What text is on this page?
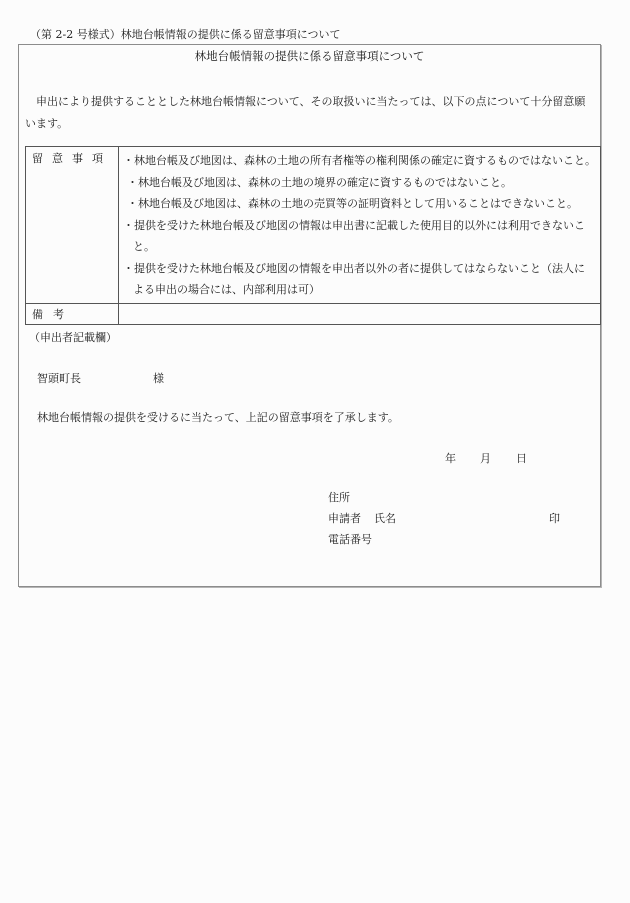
（第 2-2 号様式）林地台帳情報の提供に係る留意事項について
林地台帳情報の提供に係る留意事項について
　申出により提供することとした林地台帳情報について、その取扱いに当たっては、以下の点について十分留意願います。
留意事項	・林地台帳及び地図は、森林の土地の所有者権等の権利関係の確定に資するものではないこと。
・林地台帳及び地図は、森林の土地の境界の確定に資するものではないこと。
・林地台帳及び地図は、森林の土地の売買等の証明資料として用いることはできないこと。
・提供を受けた林地台帳及び地図の情報は申出書に記載した使用目的以外には利用できないこ
と。
・提供を受けた林地台帳及び地図の情報を申出者以外の者に提供してはならないこと（法人に
よる申出の場合には、内部利用は可）

備考	
（申出者記載欄）
智頭町長	様
林地台帳情報の提供を受けるに当たって、上記の留意事項を了承します。
年 月 日
住所
申請者 氏名	印
電話番号
